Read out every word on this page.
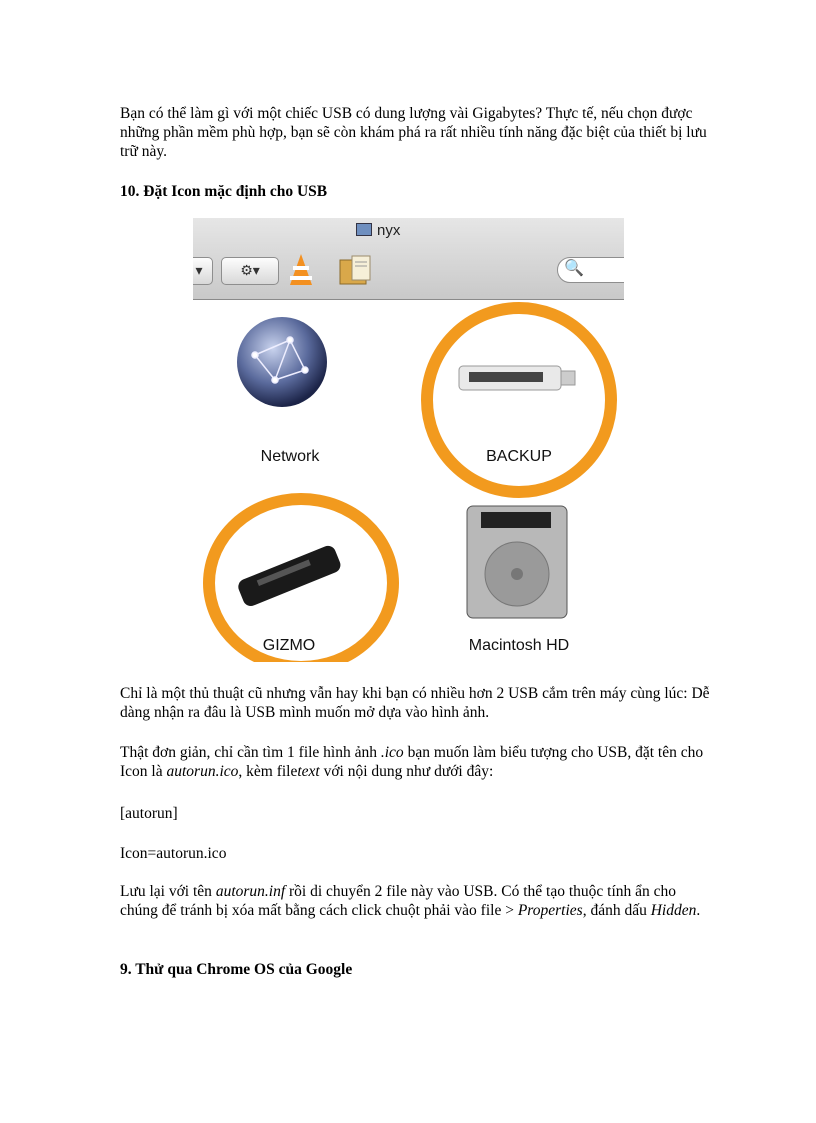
Bạn có thể làm gì với một chiếc USB có dung lượng vài Gigabytes? Thực tế, nếu chọn được những phần mềm phù hợp, bạn sẽ còn khám phá ra rất nhiều tính năng đặc biệt của thiết bị lưu trữ này.

10. Đặt Icon mặc định cho USB

nyx
▾	⚙▾	🔍
Network	BACKUP
GIZMO	Macintosh HD

Chỉ là một thủ thuật cũ nhưng vẫn hay khi bạn có nhiều hơn 2 USB cắm trên máy cùng lúc: Dễ dàng nhận ra đâu là USB mình muốn mở dựa vào hình ảnh.

Thật đơn giản, chỉ cần tìm 1 file hình ảnh .ico bạn muốn làm biểu tượng cho USB, đặt tên cho Icon là autorun.ico, kèm filetext với nội dung như dưới đây:

[autorun]

Icon=autorun.ico

Lưu lại với tên autorun.inf rồi di chuyển 2 file này vào USB. Có thể tạo thuộc tính ẩn cho chúng để tránh bị xóa mất bằng cách click chuột phải vào file > Properties, đánh dấu Hidden.

9. Thử qua Chrome OS của Google
